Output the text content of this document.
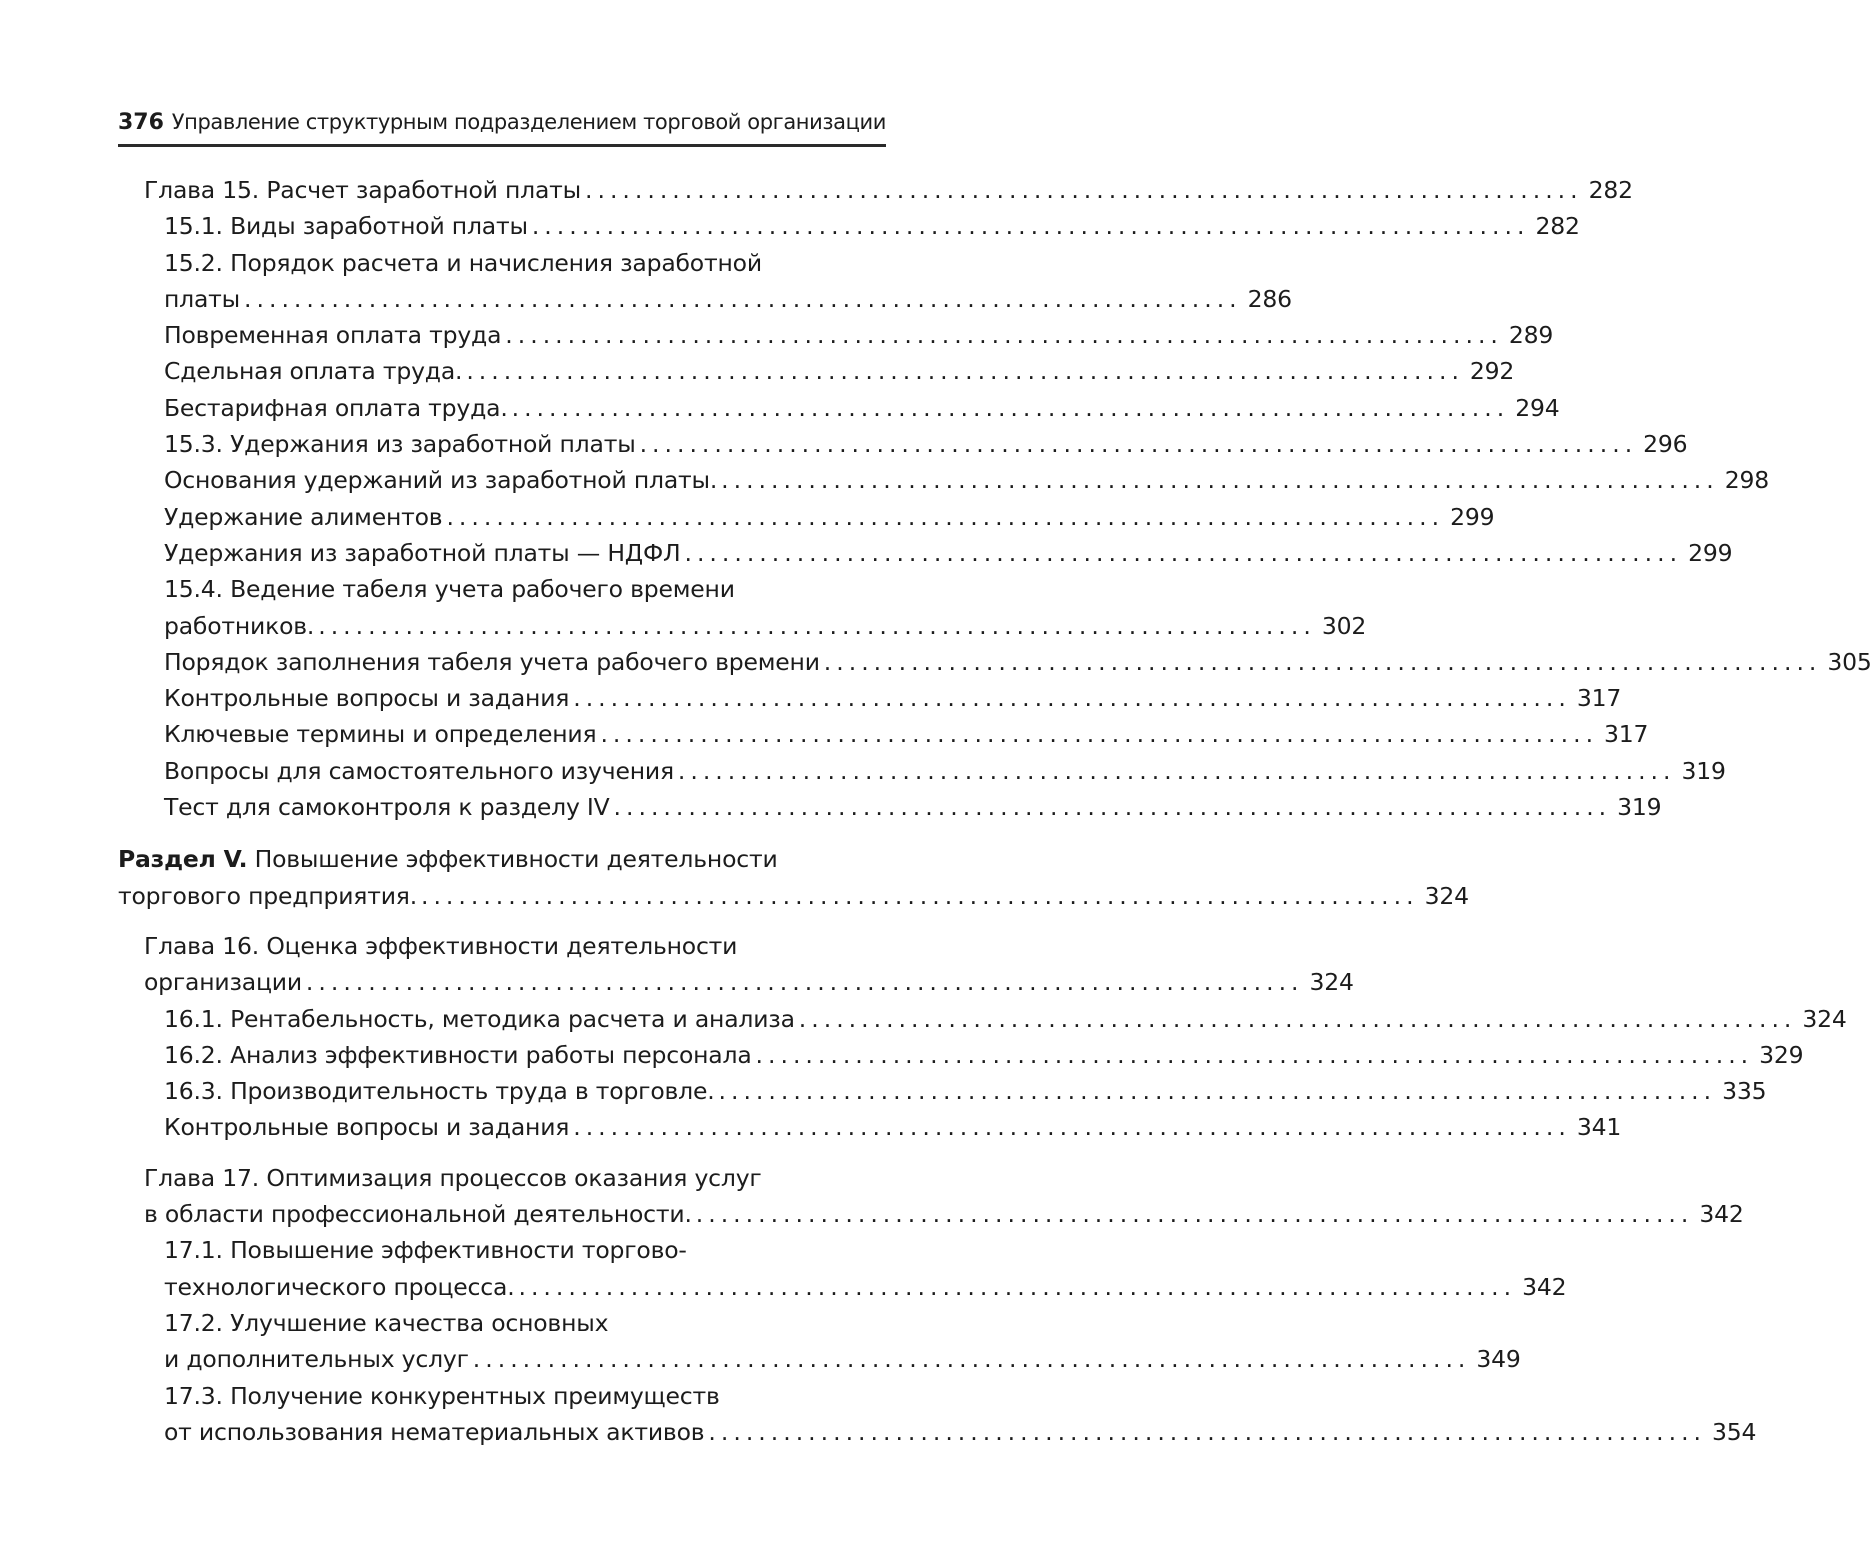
376 Управление структурным подразделением торговой организации
Глава 15. Расчет заработной платы ................................................................................ 282
15.1. Виды заработной платы ................................................................................ 282
15.2. Порядок расчета и начисления заработной
платы ................................................................................ 286
Повременная оплата труда ................................................................................ 289
Сдельная оплата труда. ................................................................................ 292
Бестарифная оплата труда. ................................................................................ 294
15.3. Удержания из заработной платы ................................................................................ 296
Основания удержаний из заработной платы. ................................................................................ 298
Удержание алиментов ................................................................................ 299
Удержания из заработной платы — НДФЛ ................................................................................ 299
15.4. Ведение табеля учета рабочего времени
работников. ................................................................................ 302
Порядок заполнения табеля учета рабочего времени ................................................................................ 305
Контрольные вопросы и задания ................................................................................ 317
Ключевые термины и определения ................................................................................ 317
Вопросы для самостоятельного изучения ................................................................................ 319
Тест для самоконтроля к разделу IV ................................................................................ 319
Раздел V. Повышение эффективности деятельности
торгового предприятия. ................................................................................ 324
Глава 16. Оценка эффективности деятельности
организации ................................................................................ 324
16.1. Рентабельность, методика расчета и анализа ................................................................................ 324
16.2. Анализ эффективности работы персонала ................................................................................ 329
16.3. Производительность труда в торговле. ................................................................................ 335
Контрольные вопросы и задания ................................................................................ 341
Глава 17. Оптимизация процессов оказания услуг
в области профессиональной деятельности. ................................................................................ 342
17.1. Повышение эффективности торгово-
технологического процесса. ................................................................................ 342
17.2. Улучшение качества основных
и дополнительных услуг ................................................................................ 349
17.3. Получение конкурентных преимуществ
от использования нематериальных активов ................................................................................ 354
